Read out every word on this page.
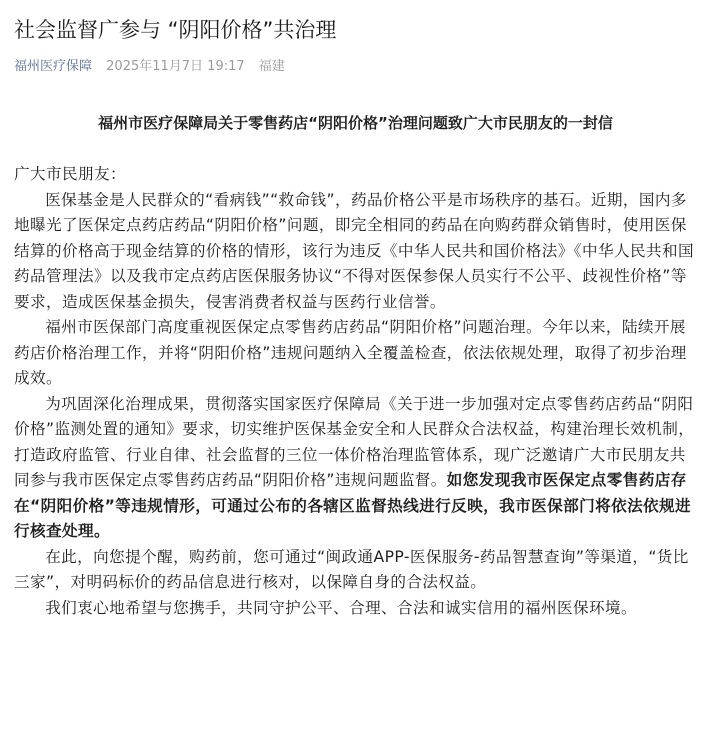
社会监督广参与 “阴阳价格”共治理
福州医疗保障 2025年11月7日 19:17 福建
福州市医疗保障局关于零售药店“阴阳价格”治理问题致广大市民朋友的一封信

广大市民朋友：

医保基金是人民群众的“看病钱”“救命钱”，药品价格公平是市场秩序的基石。近期，国内多地曝光了医保定点药店药品“阴阳价格”问题，即完全相同的药品在向购药群众销售时，使用医保结算的价格高于现金结算的价格的情形，该行为违反《中华人民共和国价格法》《中华人民共和国药品管理法》以及我市定点药店医保服务协议“不得对医保参保人员实行不公平、歧视性价格”等要求，造成医保基金损失，侵害消费者权益与医药行业信誉。

福州市医保部门高度重视医保定点零售药店药品“阴阳价格”问题治理。今年以来，陆续开展药店价格治理工作，并将“阴阳价格”违规问题纳入全覆盖检查，依法依规处理，取得了初步治理成效。

为巩固深化治理成果，贯彻落实国家医疗保障局《关于进一步加强对定点零售药店药品“阴阳价格”监测处置的通知》要求，切实维护医保基金安全和人民群众合法权益，构建治理长效机制，打造政府监管、行业自律、社会监督的三位一体价格治理监管体系，现广泛邀请广大市民朋友共同参与我市医保定点零售药店药品“阴阳价格”违规问题监督。如您发现我市医保定点零售药店存在“阴阳价格”等违规情形，可通过公布的各辖区监督热线进行反映，我市医保部门将依法依规进行核查处理。

在此，向您提个醒，购药前，您可通过“闽政通APP-医保服务-药品智慧查询”等渠道，“货比三家”，对明码标价的药品信息进行核对，以保障自身的合法权益。

我们衷心地希望与您携手，共同守护公平、合理、合法和诚实信用的福州医保环境。
